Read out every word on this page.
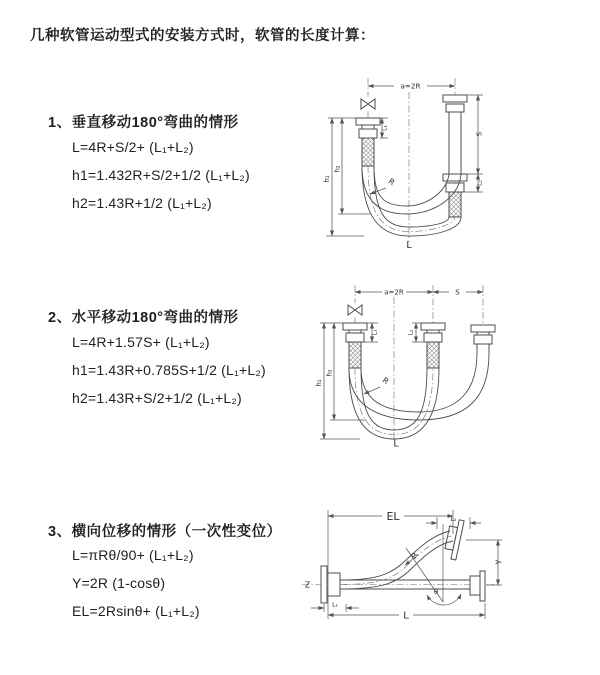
几种软管运动型式的安装方式时，软管的长度计算：
1、垂直移动180°弯曲的情形
L=4R+S/2+ (L₁+L₂)
h1=1.432R+S/2+1/2 (L₁+L₂)
h2=1.43R+1/2 (L₁+L₂)
2、水平移动180°弯曲的情形
L=4R+1.57S+ (L₁+L₂)
h1=1.43R+0.785S+1/2 (L₁+L₂)
h2=1.43R+S/2+1/2 (L₁+L₂)
3、横向位移的情形（一次性变位）
L=πRθ/90+ (L₁+L₂)
Y=2R (1-cosθ)
EL=2Rsinθ+ (L₁+L₂)
a=2R
h₁
h₂
L₁
S
L₂
R
L
a=2R	S
h₁
h₂
L₁	L₂
R
L
Z
θ
EL	L₂
Y
R
L
L₁
